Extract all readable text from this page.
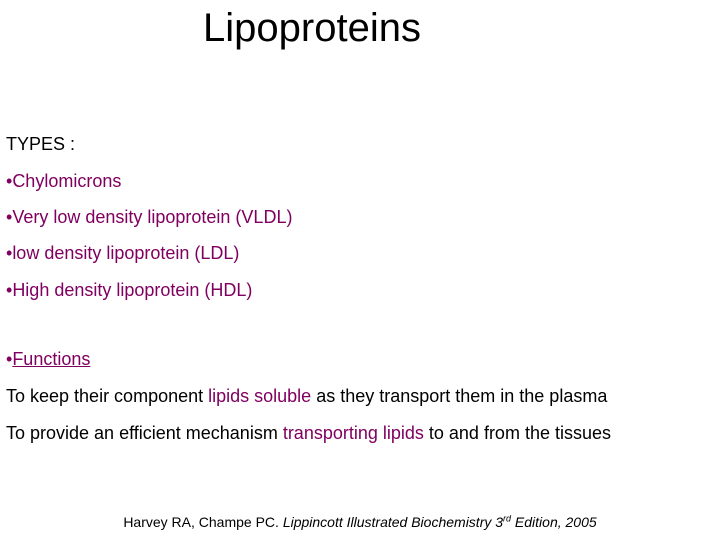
Lipoproteins
TYPES :
•Chylomicrons
•Very low density lipoprotein (VLDL)
•low density lipoprotein (LDL)
•High density lipoprotein (HDL)
•Functions
To keep their component lipids soluble as they transport them in the plasma
To provide an efficient mechanism transporting lipids to and from the tissues
Harvey RA, Champe PC. Lippincott Illustrated Biochemistry 3rd Edition, 2005
